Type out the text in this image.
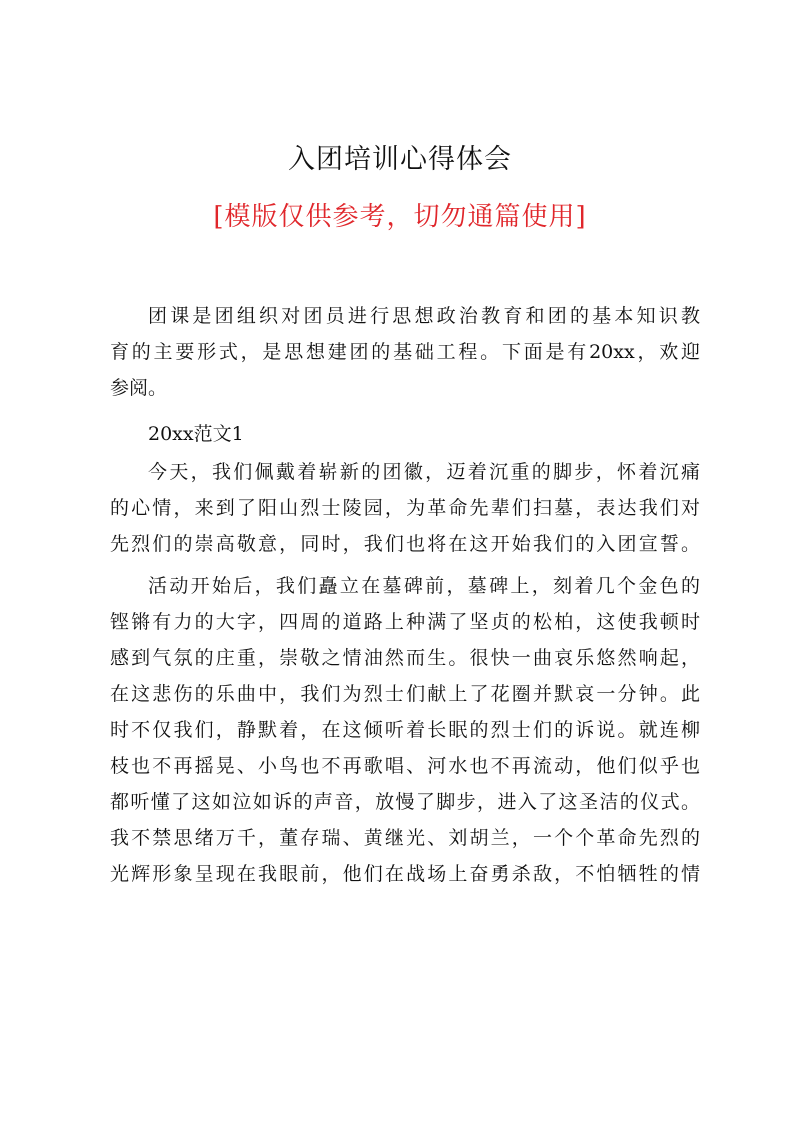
入团培训心得体会
[模版仅供参考，切勿通篇使用]
团课是团组织对团员进行思想政治教育和团的基本知识教
育的主要形式，是思想建团的基础工程。下面是有20xx，欢迎
参阅。
20xx范文1
今天，我们佩戴着崭新的团徽，迈着沉重的脚步，怀着沉痛
的心情，来到了阳山烈士陵园，为革命先辈们扫墓，表达我们对
先烈们的崇高敬意，同时，我们也将在这开始我们的入团宣誓。
活动开始后，我们矗立在墓碑前，墓碑上，刻着几个金色的
铿锵有力的大字，四周的道路上种满了坚贞的松柏，这使我顿时
感到气氛的庄重，崇敬之情油然而生。很快一曲哀乐悠然响起，
在这悲伤的乐曲中，我们为烈士们献上了花圈并默哀一分钟。此
时不仅我们，静默着，在这倾听着长眠的烈士们的诉说。就连柳
枝也不再摇晃、小鸟也不再歌唱、河水也不再流动，他们似乎也
都听懂了这如泣如诉的声音，放慢了脚步，进入了这圣洁的仪式。
我不禁思绪万千，董存瑞、黄继光、刘胡兰，一个个革命先烈的
光辉形象呈现在我眼前，他们在战场上奋勇杀敌，不怕牺牲的情
